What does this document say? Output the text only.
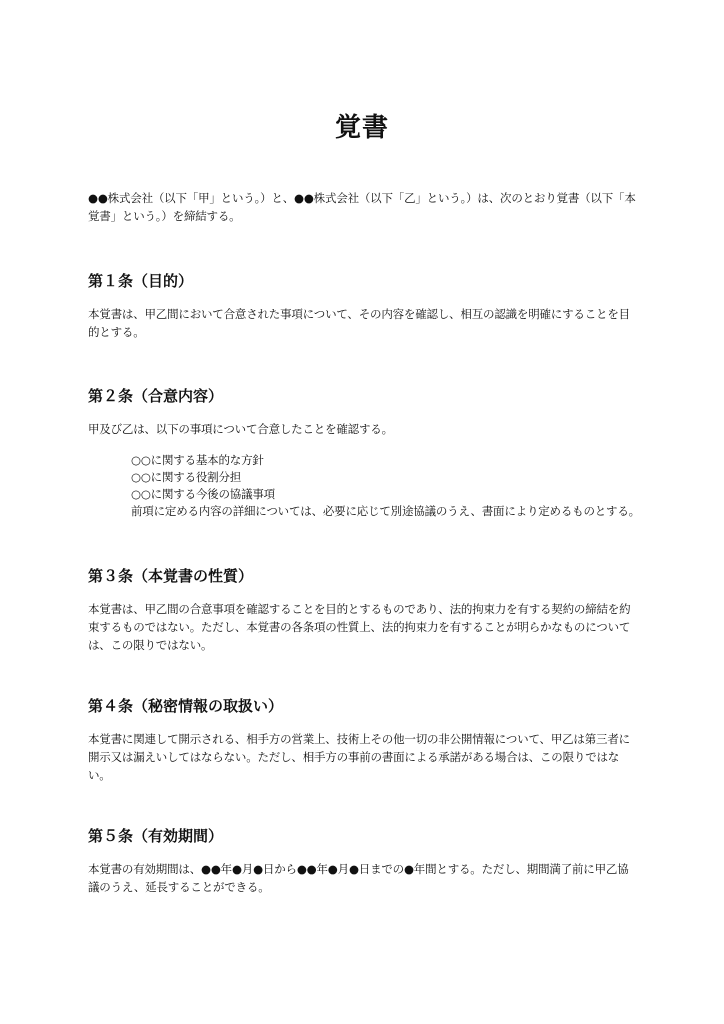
覚書
●●株式会社（以下「甲」という。）と、●●株式会社（以下「乙」という。）は、次のとおり覚書（以下「本覚書」という。）を締結する。
第１条（目的）
本覚書は、甲乙間において合意された事項について、その内容を確認し、相互の認識を明確にすることを目的とする。
第２条（合意内容）
甲及び乙は、以下の事項について合意したことを確認する。
○○に関する基本的な方針
○○に関する役割分担
○○に関する今後の協議事項
前項に定める内容の詳細については、必要に応じて別途協議のうえ、書面により定めるものとする。
第３条（本覚書の性質）
本覚書は、甲乙間の合意事項を確認することを目的とするものであり、法的拘束力を有する契約の締結を約束するものではない。ただし、本覚書の各条項の性質上、法的拘束力を有することが明らかなものについては、この限りではない。
第４条（秘密情報の取扱い）
本覚書に関連して開示される、相手方の営業上、技術上その他一切の非公開情報について、甲乙は第三者に開示又は漏えいしてはならない。ただし、相手方の事前の書面による承諾がある場合は、この限りではない。
第５条（有効期間）
本覚書の有効期間は、●●年●月●日から●●年●月●日までの●年間とする。ただし、期間満了前に甲乙協議のうえ、延長することができる。
